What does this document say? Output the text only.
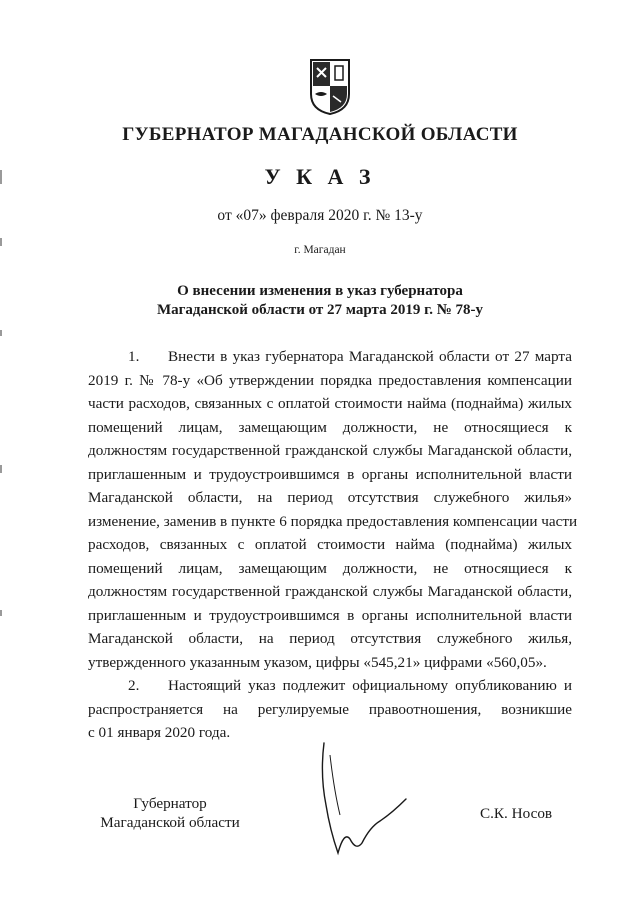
ГУБЕРНАТОР МАГАДАНСКОЙ ОБЛАСТИ
У К А З
от «07» февраля 2020 г. № 13-у
г. Магадан
О внесении изменения в указ губернатора
Магаданской области от 27 марта 2019 г. № 78-у
1. Внести в указ губернатора Магаданской области от 27 марта
2019 г. № 78-у «Об утверждении порядка предоставления компенсации
части расходов, связанных с оплатой стоимости найма (поднайма) жилых
помещений лицам, замещающим должности, не относящиеся к
должностям государственной гражданской службы Магаданской области,
приглашенным и трудоустроившимся в органы исполнительной власти
Магаданской области, на период отсутствия служебного жилья»
изменение, заменив в пункте 6 порядка предоставления компенсации части
расходов, связанных с оплатой стоимости найма (поднайма) жилых
помещений лицам, замещающим должности, не относящиеся к
должностям государственной гражданской службы Магаданской области,
приглашенным и трудоустроившимся в органы исполнительной власти
Магаданской области, на период отсутствия служебного жилья,
утвержденного указанным указом, цифры «545,21» цифрами «560,05».
2. Настоящий указ подлежит официальному опубликованию и
распространяется на регулируемые правоотношения, возникшие
с 01 января 2020 года.
Губернатор
Магаданской области
С.К. Носов
